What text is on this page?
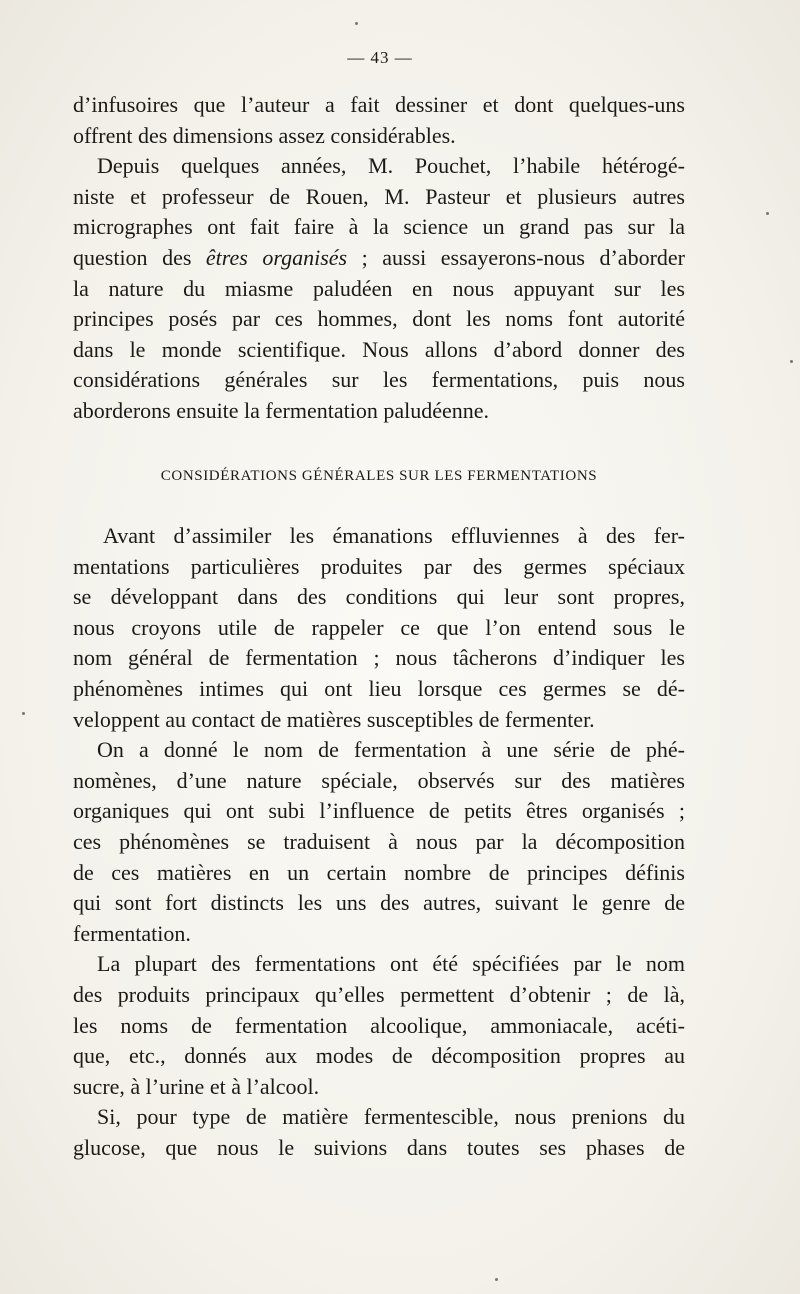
— 43 —
d’infusoires que l’auteur a fait dessiner et dont quelques-uns
offrent des dimensions assez considérables.
Depuis quelques années, M. Pouchet, l’habile hétérogé-
niste et professeur de Rouen, M. Pasteur et plusieurs autres
micrographes ont fait faire à la science un grand pas sur la
question des êtres organisés ; aussi essayerons-nous d’aborder
la nature du miasme paludéen en nous appuyant sur les
principes posés par ces hommes, dont les noms font autorité
dans le monde scientifique. Nous allons d’abord donner des
considérations générales sur les fermentations, puis nous
aborderons ensuite la fermentation paludéenne.
CONSIDÉRATIONS GÉNÉRALES SUR LES FERMENTATIONS
Avant d’assimiler les émanations effluviennes à des fer-
mentations particulières produites par des germes spéciaux
se développant dans des conditions qui leur sont propres,
nous croyons utile de rappeler ce que l’on entend sous le
nom général de fermentation ; nous tâcherons d’indiquer les
phénomènes intimes qui ont lieu lorsque ces germes se dé-
veloppent au contact de matières susceptibles de fermenter.
On a donné le nom de fermentation à une série de phé-
nomènes, d’une nature spéciale, observés sur des matières
organiques qui ont subi l’influence de petits êtres organisés ;
ces phénomènes se traduisent à nous par la décomposition
de ces matières en un certain nombre de principes définis
qui sont fort distincts les uns des autres, suivant le genre de
fermentation.
La plupart des fermentations ont été spécifiées par le nom
des produits principaux qu’elles permettent d’obtenir ; de là,
les noms de fermentation alcoolique, ammoniacale, acéti-
que, etc., donnés aux modes de décomposition propres au
sucre, à l’urine et à l’alcool.
Si, pour type de matière fermentescible, nous prenions du
glucose, que nous le suivions dans toutes ses phases de
